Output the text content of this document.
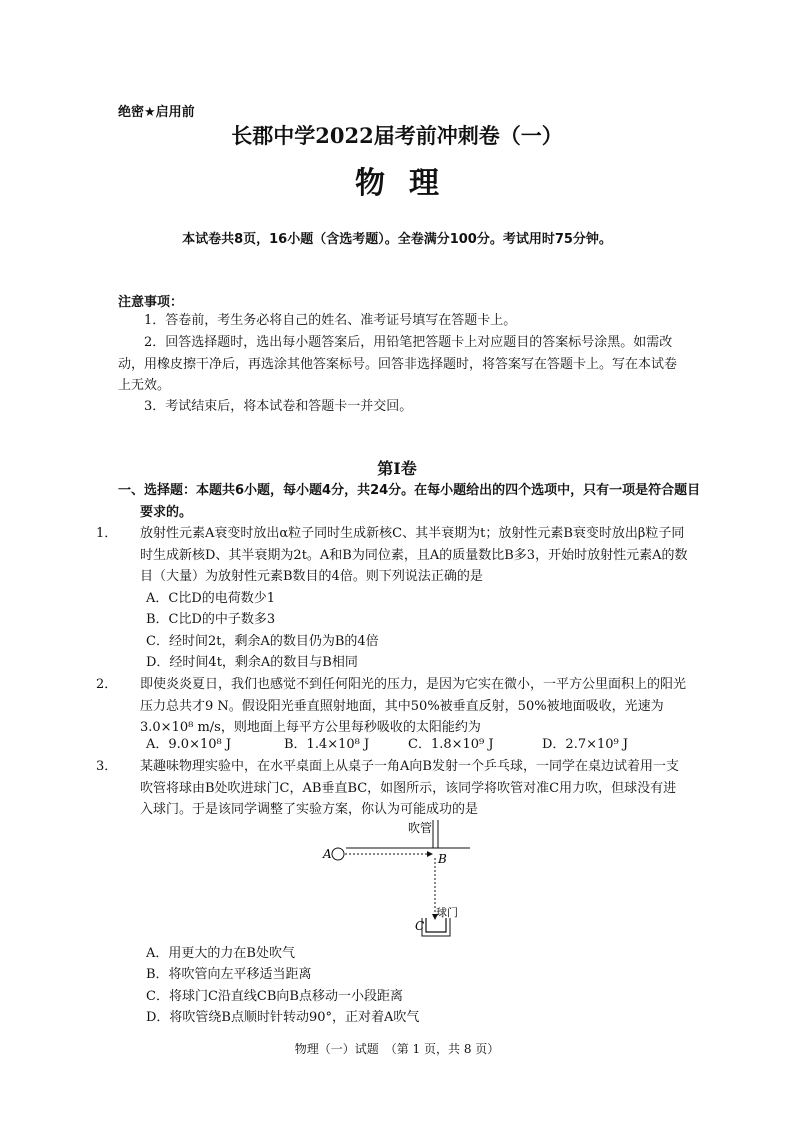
绝密★启用前
长郡中学2022届考前冲刺卷（一）
物理
本试卷共8页，16小题（含选考题）。全卷满分100分。考试用时75分钟。
注意事项：
1．答卷前，考生务必将自己的姓名、准考证号填写在答题卡上。
2．回答选择题时，选出每小题答案后，用铅笔把答题卡上对应题目的答案标号涂黑。如需改动，用橡皮擦干净后，再选涂其他答案标号。回答非选择题时，将答案写在答题卡上。写在本试卷上无效。
3．考试结束后，将本试卷和答题卡一并交回。
第Ⅰ卷
一、选择题：本题共6小题，每小题4分，共24分。在每小题给出的四个选项中，只有一项是符合题目要求的。
1． 放射性元素A衰变时放出α粒子同时生成新核C、其半衰期为t；放射性元素B衰变时放出β粒子同时生成新核D、其半衰期为2t。A和B为同位素，且A的质量数比B多3，开始时放射性元素A的数目（大量）为放射性元素B数目的4倍。则下列说法正确的是
A．C比D的电荷数少1
B．C比D的中子数多3
C．经时间2t，剩余A的数目仍为B的4倍
D．经时间4t，剩余A的数目与B相同
2． 即使炎炎夏日，我们也感觉不到任何阳光的压力，是因为它实在微小，一平方公里面积上的阳光压力总共才9 N。假设阳光垂直照射地面，其中50%被垂直反射，50%被地面吸收，光速为3.0×10⁸ m/s，则地面上每平方公里每秒吸收的太阳能约为
A．9.0×10⁸ J	B．1.4×10⁸ J	C．1.8×10⁹ J	D．2.7×10⁹ J
3． 某趣味物理实验中，在水平桌面上从桌子一角A向B发射一个乒乓球，一同学在桌边试着用一支吹管将球由B处吹进球门C，AB垂直BC，如图所示，该同学将吹管对准C用力吹，但球没有进入球门。于是该同学调整了实验方案，你认为可能成功的是
吹管
A	B
球门
C
A．用更大的力在B处吹气
B．将吹管向左平移适当距离
C．将球门C沿直线CB向B点移动一小段距离
D．将吹管绕B点顺时针转动90°，正对着A吹气
物理（一）试题　（第 1 页，共 8 页）
